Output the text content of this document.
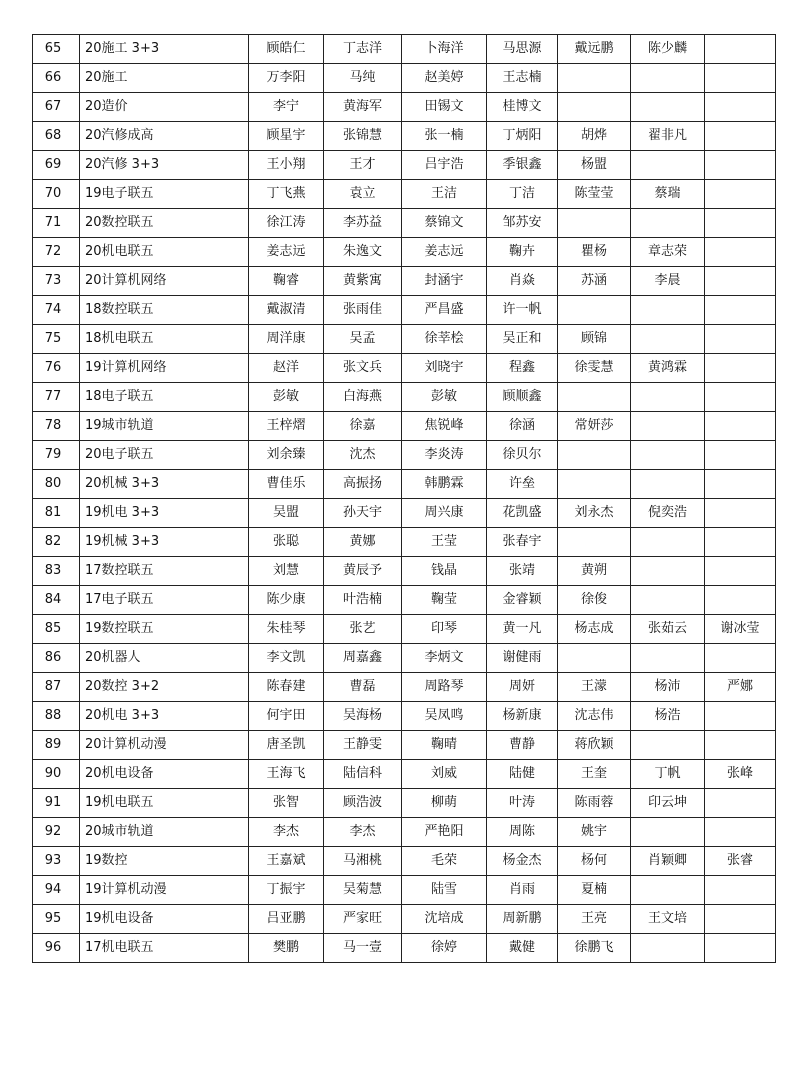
65	20施工 3+3	顾皓仁	丁志洋	卜海洋	马思源	戴远鹏	陈少麟	
66	20施工	万李阳	马纯	赵美婷	王志楠			
67	20造价	李宁	黄海军	田锡文	桂博文			
68	20汽修成高	顾星宇	张锦慧	张一楠	丁炳阳	胡烨	翟非凡	
69	20汽修 3+3	王小翔	王才	吕宇浩	季银鑫	杨盟		
70	19电子联五	丁飞燕	袁立	王洁	丁洁	陈莹莹	蔡瑞	
71	20数控联五	徐江涛	李苏益	蔡锦文	邹苏安			
72	20机电联五	姜志远	朱逸文	姜志远	鞠卉	瞿杨	章志荣	
73	20计算机网络	鞠睿	黄紫寓	封涵宇	肖焱	苏涵	李晨	
74	18数控联五	戴淑清	张雨佳	严昌盛	许一帆			
75	18机电联五	周洋康	吴孟	徐莘桧	吴正和	顾锦		
76	19计算机网络	赵洋	张文兵	刘晓宇	程鑫	徐雯慧	黄鸿霖	
77	18电子联五	彭敏	白海燕	彭敏	顾顺鑫			
78	19城市轨道	王梓熠	徐嘉	焦锐峰	徐涵	常妍莎		
79	20电子联五	刘余臻	沈杰	李炎涛	徐贝尔			
80	20机械 3+3	曹佳乐	高振扬	韩鹏霖	许垒			
81	19机电 3+3	吴盟	孙天宇	周兴康	花凯盛	刘永杰	倪奕浩	
82	19机械 3+3	张聪	黄娜	王莹	张春宇			
83	17数控联五	刘慧	黄辰予	钱晶	张靖	黄朔		
84	17电子联五	陈少康	叶浩楠	鞠莹	金睿颖	徐俊		
85	19数控联五	朱桂琴	张艺	印琴	黄一凡	杨志成	张茹云	谢冰莹
86	20机器人	李文凯	周嘉鑫	李炳文	谢健雨			
87	20数控 3+2	陈春建	曹磊	周路琴	周妍	王濛	杨沛	严娜
88	20机电 3+3	何宇田	吴海杨	吴凤鸣	杨新康	沈志伟	杨浩	
89	20计算机动漫	唐圣凯	王静雯	鞠晴	曹静	蒋欣颖		
90	20机电设备	王海飞	陆信科	刘威	陆健	王奎	丁帆	张峰
91	19机电联五	张智	顾浩波	柳萌	叶涛	陈雨蓉	印云坤	
92	20城市轨道	李杰	李杰	严艳阳	周陈	姚宇		
93	19数控	王嘉斌	马湘桃	毛荣	杨金杰	杨何	肖颖卿	张睿
94	19计算机动漫	丁振宇	吴菊慧	陆雪	肖雨	夏楠		
95	19机电设备	吕亚鹏	严家旺	沈培成	周新鹏	王亮	王文培	
96	17机电联五	樊鹏	马一壹	徐婷	戴健	徐鹏飞		
